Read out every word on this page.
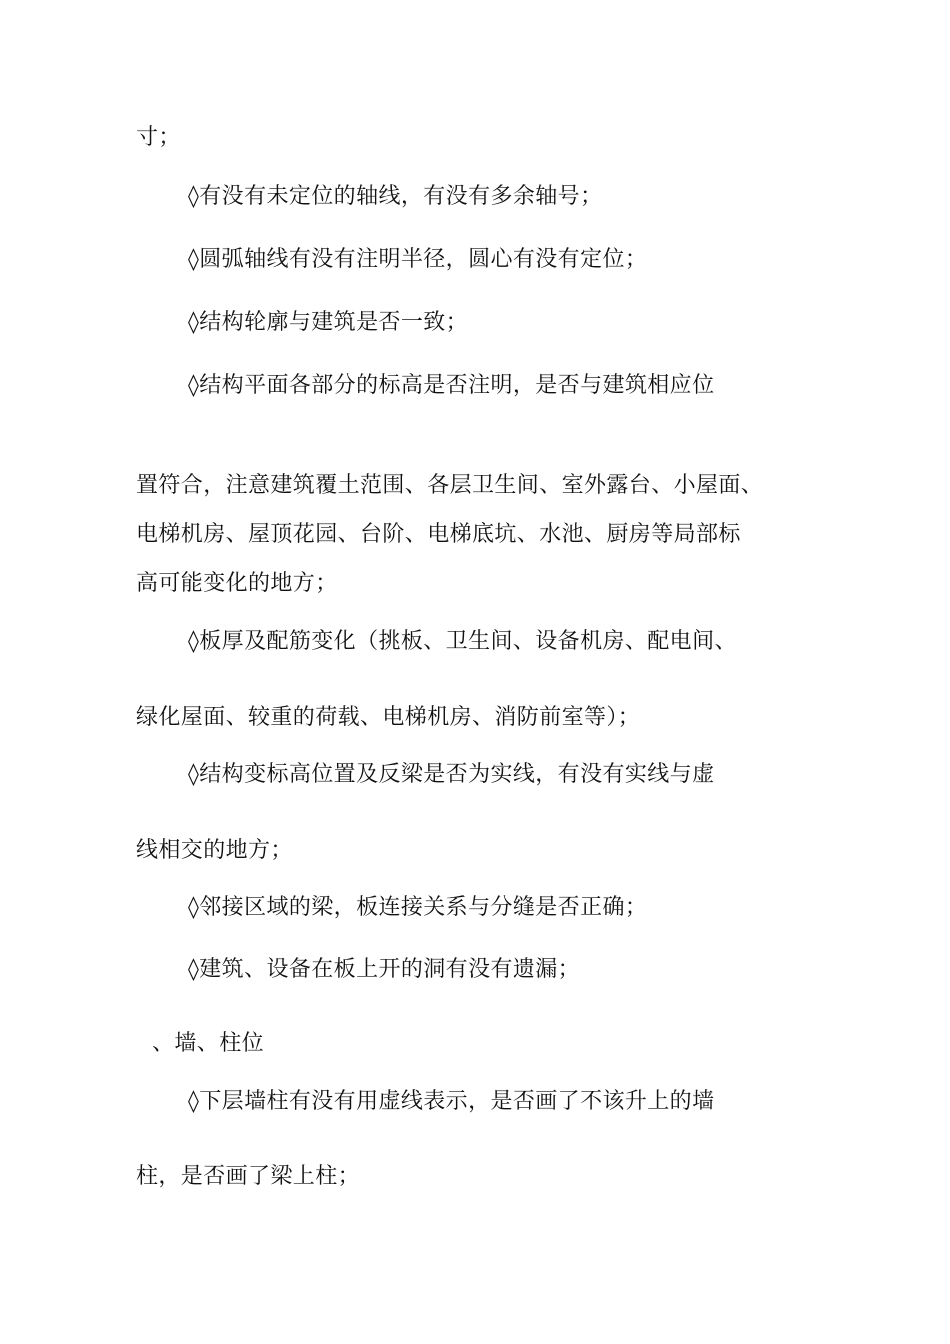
寸；
◊有没有未定位的轴线，有没有多余轴号；
◊圆弧轴线有没有注明半径，圆心有没有定位；
◊结构轮廓与建筑是否一致；
◊结构平面各部分的标高是否注明，是否与建筑相应位
置符合，注意建筑覆土范围、各层卫生间、室外露台、小屋面、
电梯机房、屋顶花园、台阶、电梯底坑、水池、厨房等局部标
高可能变化的地方；
◊板厚及配筋变化（挑板、卫生间、设备机房、配电间、
绿化屋面、较重的荷载、电梯机房、消防前室等）；
◊结构变标高位置及反梁是否为实线，有没有实线与虚
线相交的地方；
◊邻接区域的梁，板连接关系与分缝是否正确；
◊建筑、设备在板上开的洞有没有遗漏；
、墙、柱位
◊下层墙柱有没有用虚线表示，是否画了不该升上的墙
柱，是否画了梁上柱；
